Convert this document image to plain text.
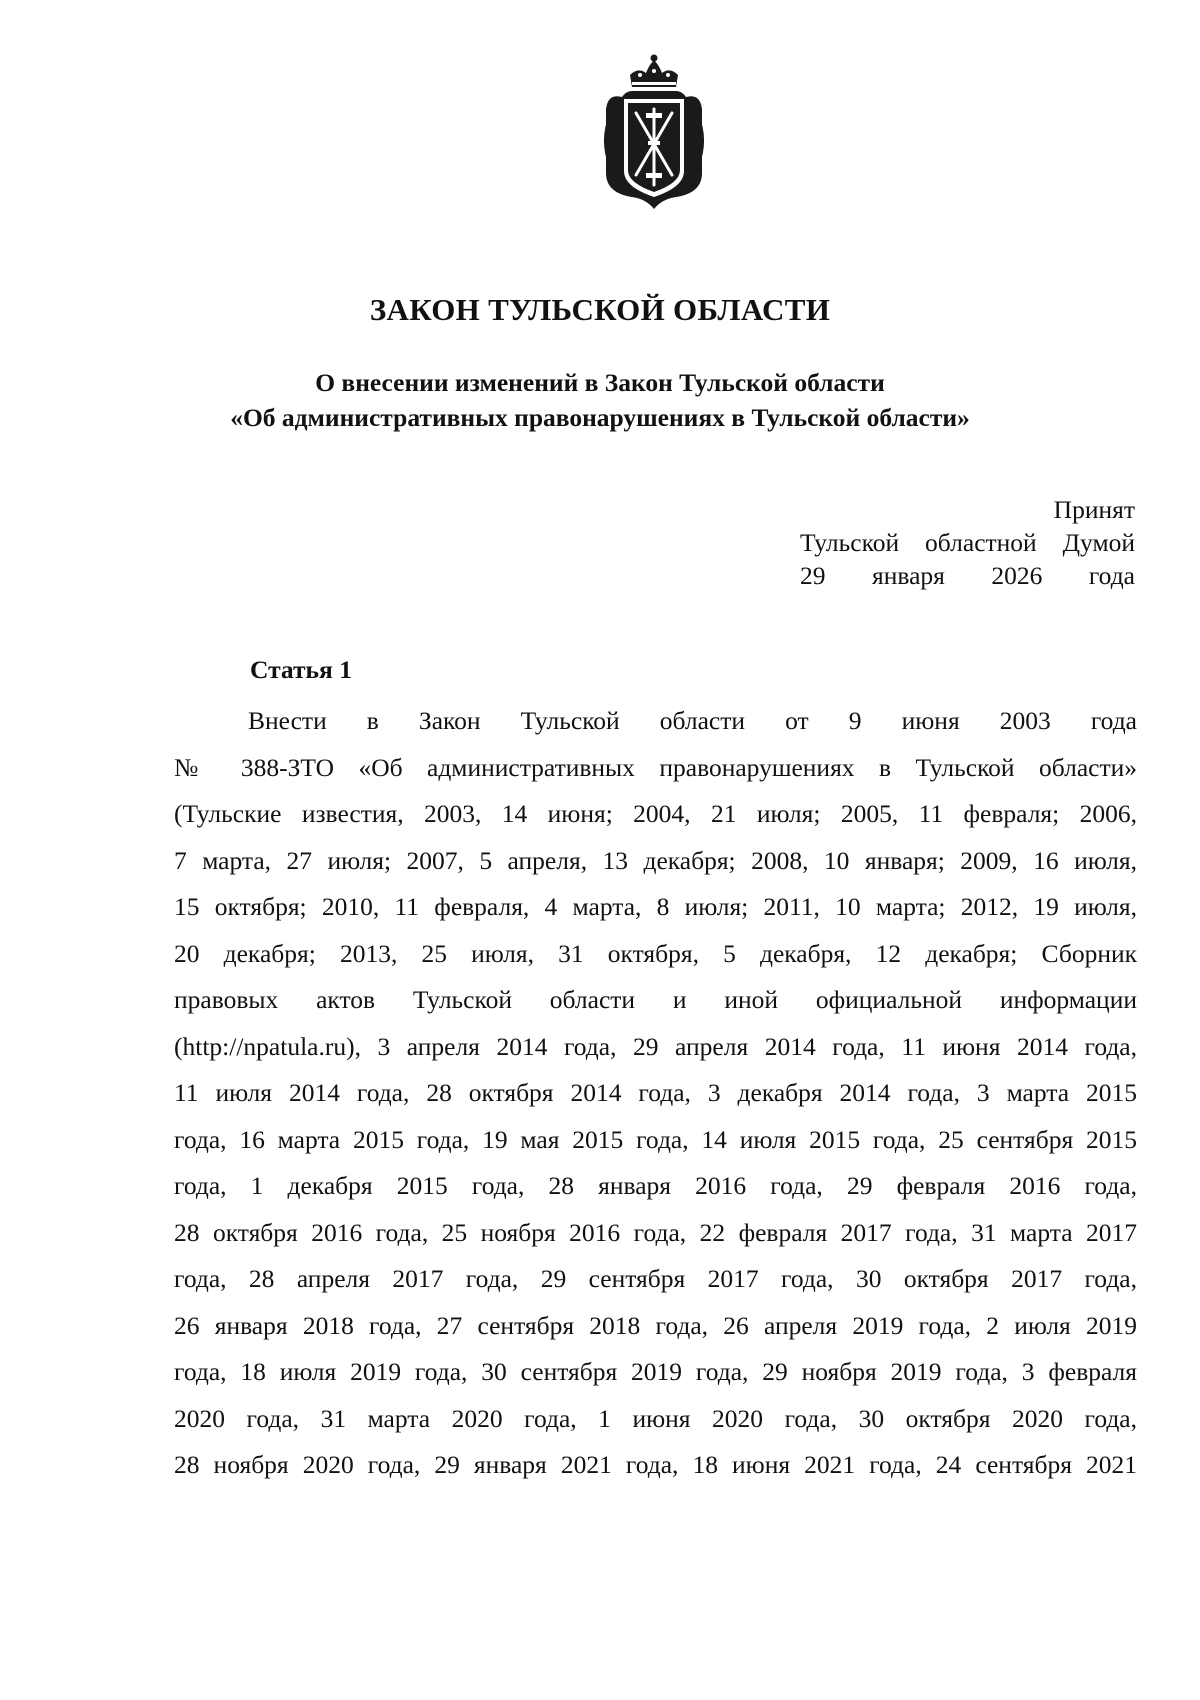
ЗАКОН ТУЛЬСКОЙ ОБЛАСТИ
О внесении изменений в Закон Тульской области
«Об административных правонарушениях в Тульской области»
Принят
Тульской областной Думой
29 января 2026 года
Статья 1
Внести в Закон Тульской области от 9 июня 2003 года
№ 388-ЗТО «Об административных правонарушениях в Тульской области»
(Тульские известия, 2003, 14 июня; 2004, 21 июля; 2005, 11 февраля; 2006,
7 марта, 27 июля; 2007, 5 апреля, 13 декабря; 2008, 10 января; 2009, 16 июля,
15 октября; 2010, 11 февраля, 4 марта, 8 июля; 2011, 10 марта; 2012, 19 июля,
20 декабря; 2013, 25 июля, 31 октября, 5 декабря, 12 декабря; Сборник
правовых актов Тульской области и иной официальной информации
(http://npatula.ru), 3 апреля 2014 года, 29 апреля 2014 года, 11 июня 2014 года,
11 июля 2014 года, 28 октября 2014 года, 3 декабря 2014 года, 3 марта 2015
года, 16 марта 2015 года, 19 мая 2015 года, 14 июля 2015 года, 25 сентября 2015
года, 1 декабря 2015 года, 28 января 2016 года, 29 февраля 2016 года,
28 октября 2016 года, 25 ноября 2016 года, 22 февраля 2017 года, 31 марта 2017
года, 28 апреля 2017 года, 29 сентября 2017 года, 30 октября 2017 года,
26 января 2018 года, 27 сентября 2018 года, 26 апреля 2019 года, 2 июля 2019
года, 18 июля 2019 года, 30 сентября 2019 года, 29 ноября 2019 года, 3 февраля
2020 года, 31 марта 2020 года, 1 июня 2020 года, 30 октября 2020 года,
28 ноября 2020 года, 29 января 2021 года, 18 июня 2021 года, 24 сентября 2021
